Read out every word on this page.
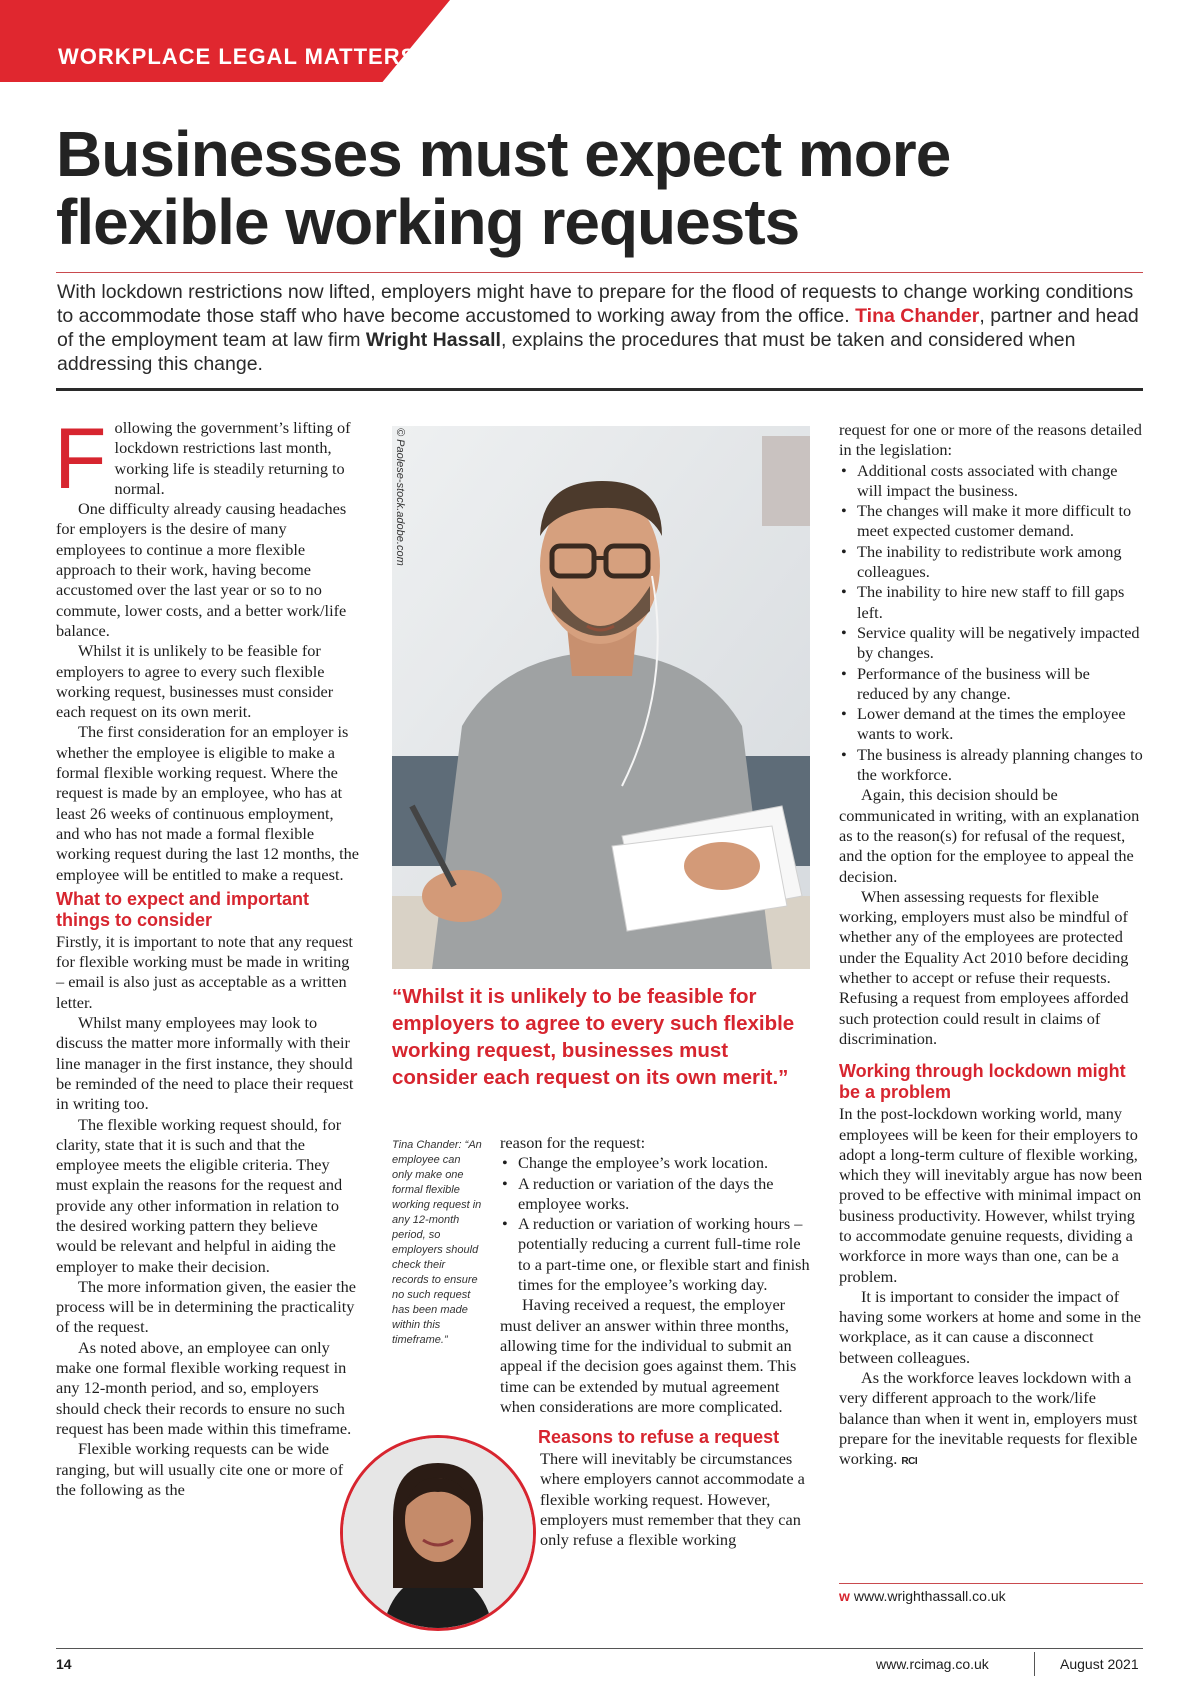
WORKPLACE LEGAL MATTERS
Businesses must expect more
flexible working requests

With lockdown restrictions now lifted, employers might have to prepare for the flood of requests to change working conditions to accommodate those staff who have become accustomed to working away from the office. Tina Chander, partner and head of the employment team at law firm Wright Hassall, explains the procedures that must be taken and considered when addressing this change.

Following the government’s lifting of lockdown restrictions last month, working life is steadily returning to normal.

One difficulty already causing headaches for employers is the desire of many employees to continue a more flexible approach to their work, having become accustomed over the last year or so to no commute, lower costs, and a better work/life balance.

Whilst it is unlikely to be feasible for employers to agree to every such flexible working request, businesses must consider each request on its own merit.

The first consideration for an employer is whether the employee is eligible to make a formal flexible working request. Where the request is made by an employee, who has at least 26 weeks of continuous employment, and who has not made a formal flexible working request during the last 12 months, the employee will be entitled to make a request.

What to expect and important things to consider

Firstly, it is important to note that any request for flexible working must be made in writing – email is also just as acceptable as a written letter.

Whilst many employees may look to discuss the matter more informally with their line manager in the first instance, they should be reminded of the need to place their request in writing too.

The flexible working request should, for clarity, state that it is such and that the employee meets the eligible criteria. They must explain the reasons for the request and provide any other information in relation to the desired working pattern they believe would be relevant and helpful in aiding the employer to make their decision.

The more information given, the easier the process will be in determining the practicality of the request.

As noted above, an employee can only make one formal flexible working request in any 12-month period, and so, employers should check their records to ensure no such request has been made within this timeframe.

Flexible working requests can be wide ranging, but will usually cite one or more of the following as the

© Paolese-stock.adobe.com

“Whilst it is unlikely to be feasible for employers to agree to every such flexible working request, businesses must consider each request on its own merit.”

Tina Chander: “An employee can only make one formal flexible working request in any 12-month period, so employers should check their records to ensure no such request has been made within this timeframe.”

reason for the request:

• Change the employee’s work location.
• A reduction or variation of the days the employee works.
• A reduction or variation of working hours – potentially reducing a current full-time role to a part-time one, or flexible start and finish times for the employee’s working day.

Having received a request, the employer must deliver an answer within three months, allowing time for the individual to submit an appeal if the decision goes against them. This time can be extended by mutual agreement when considerations are more complicated.

Reasons to refuse a request

There will inevitably be circumstances where employers cannot accommodate a flexible working request. However, employers must remember that they can only refuse a flexible working

request for one or more of the reasons detailed in the legislation:

• Additional costs associated with change will impact the business.
• The changes will make it more difficult to meet expected customer demand.
• The inability to redistribute work among colleagues.
• The inability to hire new staff to fill gaps left.
• Service quality will be negatively impacted by changes.
• Performance of the business will be reduced by any change.
• Lower demand at the times the employee wants to work.
• The business is already planning changes to the workforce.

Again, this decision should be communicated in writing, with an explanation as to the reason(s) for refusal of the request, and the option for the employee to appeal the decision.

When assessing requests for flexible working, employers must also be mindful of whether any of the employees are protected under the Equality Act 2010 before deciding whether to accept or refuse their requests. Refusing a request from employees afforded such protection could result in claims of discrimination.

Working through lockdown might be a problem

In the post-lockdown working world, many employees will be keen for their employers to adopt a long-term culture of flexible working, which they will inevitably argue has now been proved to be effective with minimal impact on business productivity. However, whilst trying to accommodate genuine requests, dividing a workforce in more ways than one, can be a problem.

It is important to consider the impact of having some workers at home and some in the workplace, as it can cause a disconnect between colleagues.

As the workforce leaves lockdown with a very different approach to the work/life balance than when it went in, employers must prepare for the inevitable requests for flexible working. RCI

w www.wrighthassall.co.uk
14	www.rcimag.co.uk	August 2021
